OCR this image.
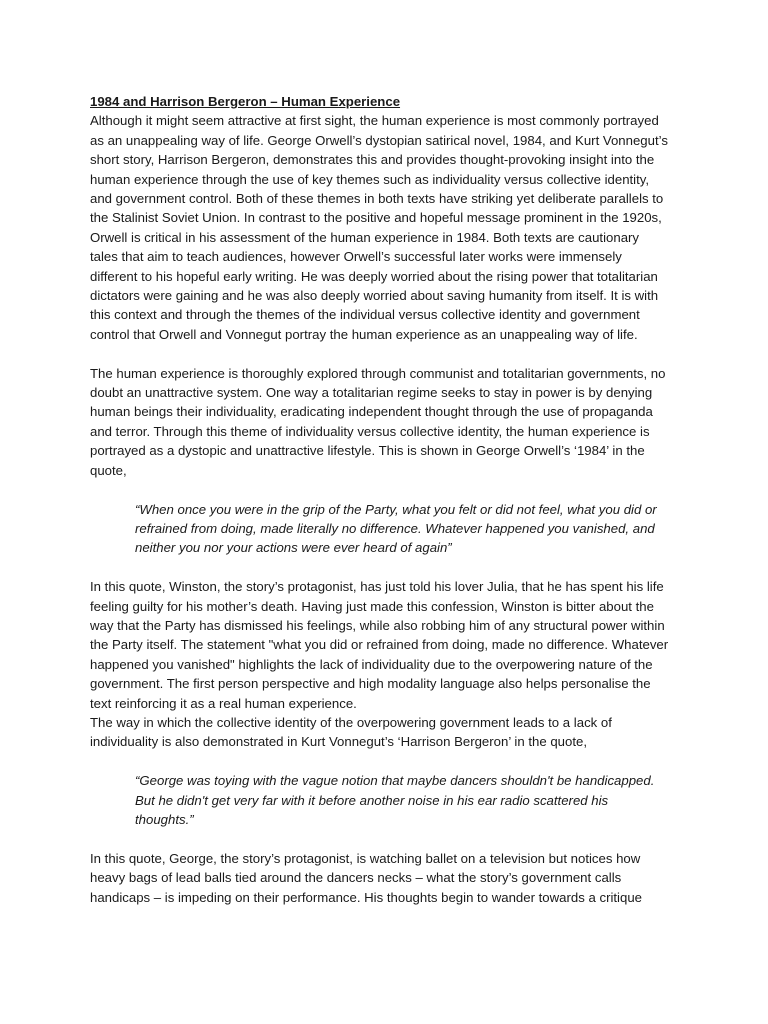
1984 and Harrison Bergeron – Human Experience

Although it might seem attractive at first sight, the human experience is most commonly portrayed as an unappealing way of life. George Orwell’s dystopian satirical novel, 1984, and Kurt Vonnegut’s short story, Harrison Bergeron, demonstrates this and provides thought-provoking insight into the human experience through the use of key themes such as individuality versus collective identity, and government control. Both of these themes in both texts have striking yet deliberate parallels to the Stalinist Soviet Union. In contrast to the positive and hopeful message prominent in the 1920s, Orwell is critical in his assessment of the human experience in 1984. Both texts are cautionary tales that aim to teach audiences, however Orwell’s successful later works were immensely different to his hopeful early writing. He was deeply worried about the rising power that totalitarian dictators were gaining and he was also deeply worried about saving humanity from itself. It is with this context and through the themes of the individual versus collective identity and government control that Orwell and Vonnegut portray the human experience as an unappealing way of life.

The human experience is thoroughly explored through communist and totalitarian governments, no doubt an unattractive system. One way a totalitarian regime seeks to stay in power is by denying human beings their individuality, eradicating independent thought through the use of propaganda and terror. Through this theme of individuality versus collective identity, the human experience is portrayed as a dystopic and unattractive lifestyle. This is shown in George Orwell’s ‘1984’ in the quote,

“When once you were in the grip of the Party, what you felt or did not feel, what you did or refrained from doing, made literally no difference. Whatever happened you vanished, and neither you nor your actions were ever heard of again”

In this quote, Winston, the story’s protagonist, has just told his lover Julia, that he has spent his life feeling guilty for his mother’s death. Having just made this confession, Winston is bitter about the way that the Party has dismissed his feelings, while also robbing him of any structural power within the Party itself. The statement "what you did or refrained from doing, made no difference. Whatever happened you vanished" highlights the lack of individuality due to the overpowering nature of the government. The first person perspective and high modality language also helps personalise the text reinforcing it as a real human experience.

The way in which the collective identity of the overpowering government leads to a lack of individuality is also demonstrated in Kurt Vonnegut’s ‘Harrison Bergeron’ in the quote,

“George was toying with the vague notion that maybe dancers shouldn't be handicapped. But he didn't get very far with it before another noise in his ear radio scattered his thoughts.”

In this quote, George, the story’s protagonist, is watching ballet on a television but notices how heavy bags of lead balls tied around the dancers necks – what the story’s government calls handicaps – is impeding on their performance. His thoughts begin to wander towards a critique
